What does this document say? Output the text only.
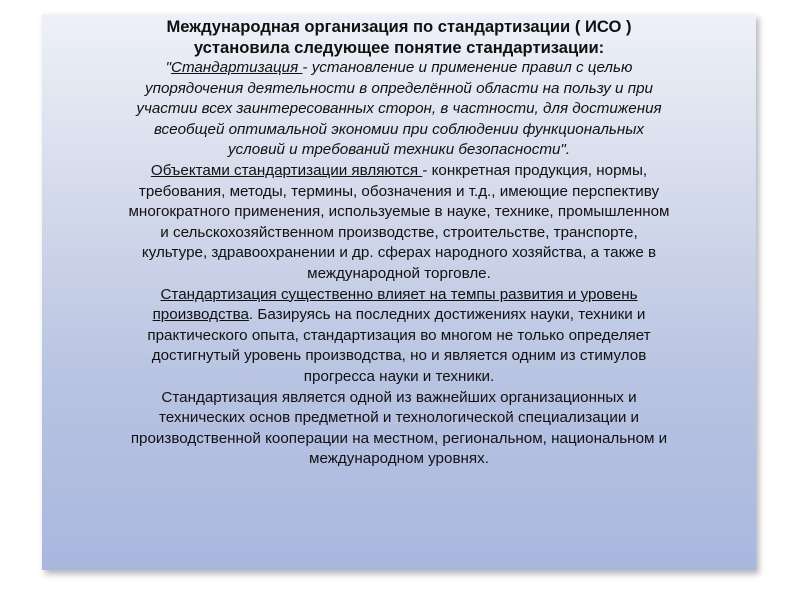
Международная организация по стандартизации ( ИСО )
установила следующее понятие стандартизации:
"Стандартизация - установление и применение правил с целью
упорядочения деятельности в определённой области на пользу и при
участии всех заинтересованных сторон, в частности, для достижения
всеобщей оптимальной экономии при соблюдении функциональных
условий и требований техники безопасности".
Объектами стандартизации являются - конкретная продукция, нормы,
требования, методы, термины, обозначения и т.д., имеющие перспективу
многократного применения, используемые в науке, технике, промышленном
и сельскохозяйственном производстве, строительстве, транспорте,
культуре, здравоохранении и др. сферах народного хозяйства, а также в
международной торговле.
Стандартизация существенно влияет на темпы развития и уровень
производства. Базируясь на последних достижениях науки, техники и
практического опыта, стандартизация во многом не только определяет
достигнутый уровень производства, но и является одним из стимулов
прогресса науки и техники.
Стандартизация является одной из важнейших организационных и
технических основ предметной и технологической специализации и
производственной кооперации на местном, региональном, национальном и
международном уровнях.
